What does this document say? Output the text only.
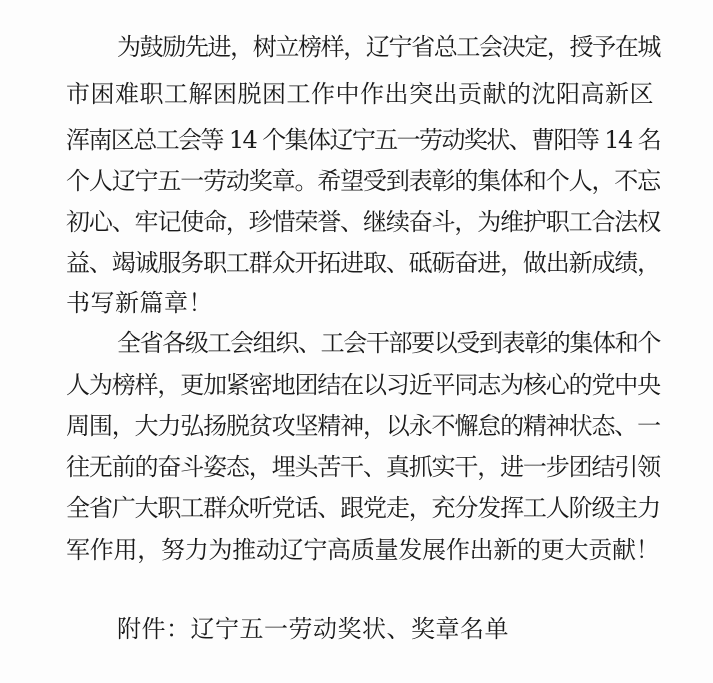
为鼓励先进，树立榜样，辽宁省总工会决定，授予在城
市困难职工解困脱困工作中作出突出贡献的沈阳高新区
浑南区总工会等 14 个集体辽宁五一劳动奖状、曹阳等 14 名
个人辽宁五一劳动奖章。希望受到表彰的集体和个人，不忘
初心、牢记使命，珍惜荣誉、继续奋斗，为维护职工合法权
益、竭诚服务职工群众开拓进取、砥砺奋进，做出新成绩，
书写新篇章！
全省各级工会组织、工会干部要以受到表彰的集体和个
人为榜样，更加紧密地团结在以习近平同志为核心的党中央
周围，大力弘扬脱贫攻坚精神，以永不懈怠的精神状态、一
往无前的奋斗姿态，埋头苦干、真抓实干，进一步团结引领
全省广大职工群众听党话、跟党走，充分发挥工人阶级主力
军作用，努力为推动辽宁高质量发展作出新的更大贡献！
附件：辽宁五一劳动奖状、奖章名单
